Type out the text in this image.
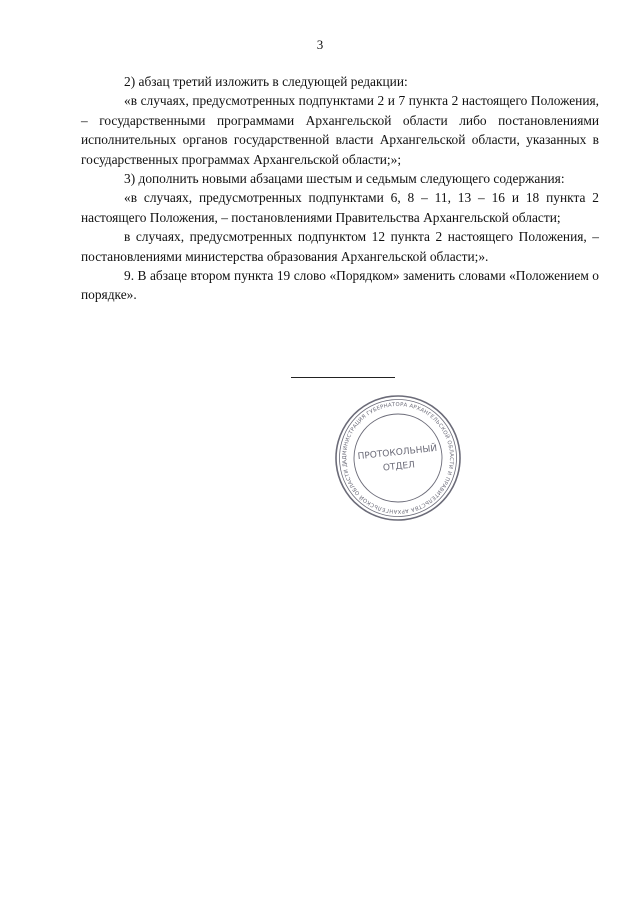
3

2) абзац третий изложить в следующей редакции:

«в случаях, предусмотренных подпунктами 2 и 7 пункта 2 настоящего Положения, – государственными программами Архангельской области либо постановлениями исполнительных органов государственной власти Архангельской области, указанных в государственных программах Архангельской области;»;

3) дополнить новыми абзацами шестым и седьмым следующего содержания:

«в случаях, предусмотренных подпунктами 6, 8 – 11, 13 – 16 и 18 пункта 2 настоящего Положения, – постановлениями Правительства Архангельской области;

в случаях, предусмотренных подпунктом 12 пункта 2 настоящего Положения, – постановлениями министерства образования Архангельской области;».

9. В абзаце втором пункта 19 слово «Порядком» заменить словами «Положением о порядке».

АДМИНИСТРАЦИЯ ГУБЕРНАТОРА АРХАНГЕЛЬСКОЙ ОБЛАСТИ И ПРАВИТЕЛЬСТВА АРХАНГЕЛЬСКОЙ ОБЛАСТИ ДЕПАРТАМЕНТ
ПРОТОКОЛЬНЫЙ
ОТДЕЛ
